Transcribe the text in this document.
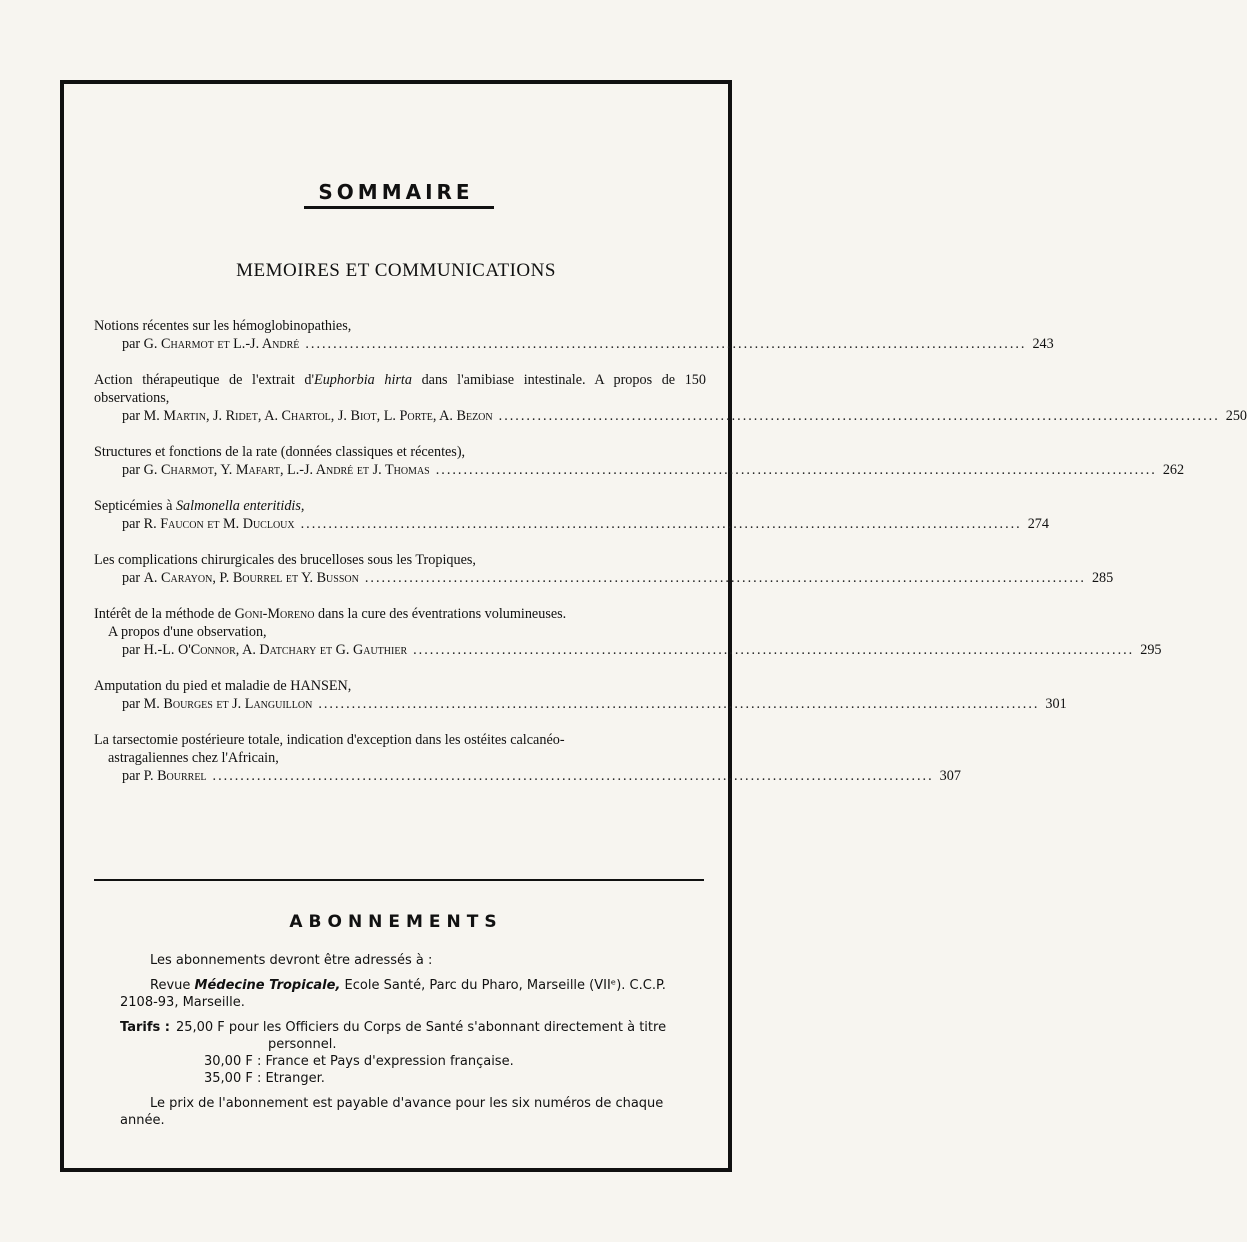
SOMMAIRE
MEMOIRES ET COMMUNICATIONS
Notions récentes sur les hémoglobinopathies,
par G. Charmot et L.-J. André .................................................................................................................................. 243
Action thérapeutique de l'extrait d'Euphorbia hirta dans l'amibiase intestinale. A propos de 150 observations,
par M. Martin, J. Ridet, A. Chartol, J. Biot, L. Porte, A. Bezon .................................................................................................................................. 250
Structures et fonctions de la rate (données classiques et récentes),
par G. Charmot, Y. Mafart, L.-J. André et J. Thomas .................................................................................................................................. 262
Septicémies à Salmonella enteritidis,
par R. Faucon et M. Ducloux .................................................................................................................................. 274
Les complications chirurgicales des brucelloses sous les Tropiques,
par A. Carayon, P. Bourrel et Y. Busson .................................................................................................................................. 285
Intérêt de la méthode de Goni-Moreno dans la cure des éventrations volumineuses.
A propos d'une observation,
par H.-L. O'Connor, A. Datchary et G. Gauthier .................................................................................................................................. 295
Amputation du pied et maladie de HANSEN,
par M. Bourges et J. Languillon .................................................................................................................................. 301
La tarsectomie postérieure totale, indication d'exception dans les ostéites calcanéo-
astragaliennes chez l'Africain,
par P. Bourrel .................................................................................................................................. 307
ABONNEMENTS

Les abonnements devront être adressés à :

Revue Médecine Tropicale, Ecole Santé, Parc du Pharo, Marseille (VIIᵉ). C.C.P. 2108-93, Marseille.

Tarifs : 25,00 F pour les Officiers du Corps de Santé s'abonnant directement à titre
personnel.

30,00 F : France et Pays d'expression française.

35,00 F : Etranger.

Le prix de l'abonnement est payable d'avance pour les six numéros de chaque année.
